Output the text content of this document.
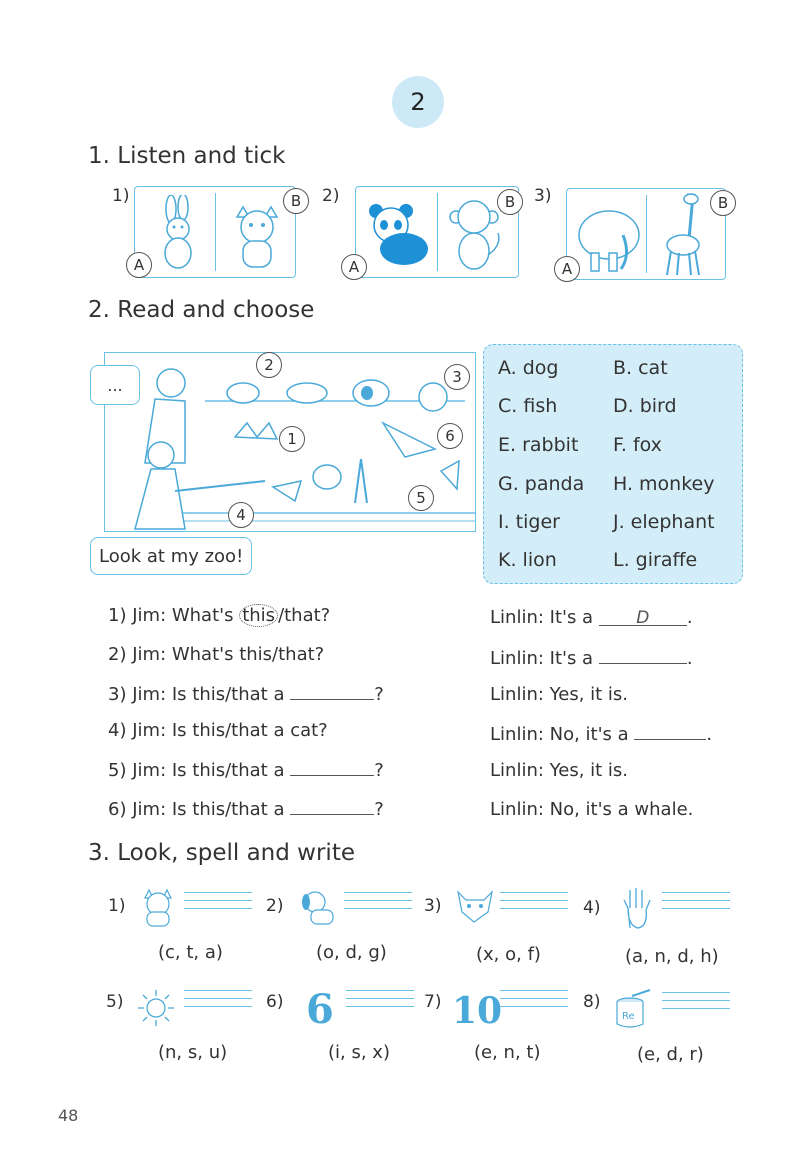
2
1. Listen and tick
1)
A
B 2)
A
B 3)
A
B
2. Read and choose
...
Look at my zoo!
1
2
3
4
5
6
A. dog	B. cat
C. fish	D. bird
E. rabbit F. fox
G. panda H. monkey
I. tiger	J. elephant
K. lion	L. giraffe
1) Jim: What's this /that?	Linlin: It's a D .
2) Jim: What's this/that?	Linlin: It's a	.
3) Jim: Is this/that a	?	Linlin: Yes, it is.
4) Jim: Is this/that a cat?	Linlin: No, it's a	.
5) Jim: Is this/that a	?	Linlin: Yes, it is.
6) Jim: Is this/that a	?	Linlin: No, it's a whale.
3. Look, spell and write
1)
(c, t, a)
2)
(o, d, g)
3)
(x, o, f)
4)
(a, n, d, h)
5)
(n, s, u)
6) 6
(i, s, x)
7) 10
(e, n, t)
8)
Re
(e, d, r)
48
